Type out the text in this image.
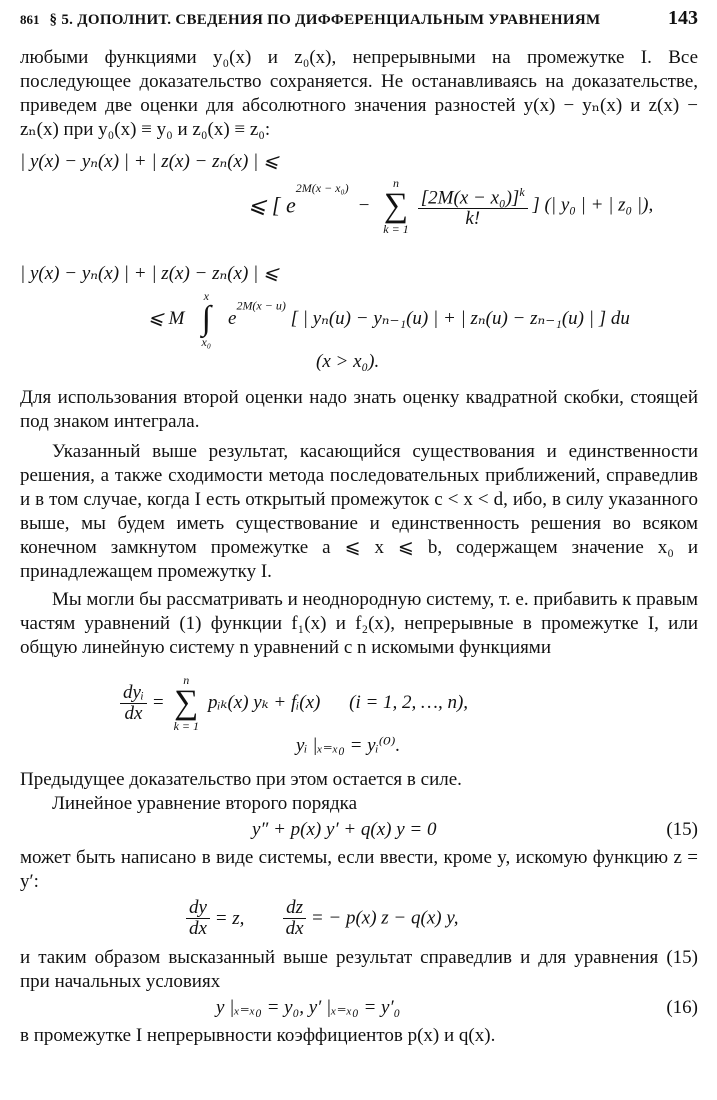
861 § 5. ДОПОЛНИТ. СВЕДЕНИЯ ПО ДИФФЕРЕНЦИАЛЬНЫМ УРАВНЕНИЯМ	143

любыми функциями y₀(x) и z₀(x), непрерывными на промежутке I. Все последующее доказательство сохраняется. Не останавливаясь на доказательстве, приведем две оценки для абсолютного значения разностей y(x) − yₙ(x) и z(x) − zₙ(x) при y₀(x) ≡ y₀ и z₀(x) ≡ z₀:

| y(x) − yₙ(x) | + | z(x) − zₙ(x) | ⩽
⩽ [ $e^{2M(x - x_0)}$ −
n
∑
k = 1
$\frac{[2M(x - x_0)]^k}{k!}$ ] (| y₀ | + | z₀ |),
| y(x) − yₙ(x) | + | z(x) − zₙ(x) | ⩽
⩽ M
x
∫
x₀
$e^{2M(x - u)}$ [ | yₙ(u) − yₙ₋₁(u) | + | zₙ(u) − zₙ₋₁(u) | ] du
(x > x₀).

Для использования второй оценки надо знать оценку квадратной скобки, стоящей под знаком интеграла.

Указанный выше результат, касающийся существования и единственности решения, а также сходимости метода последовательных приближений, справедлив и в том случае, когда I есть открытый промежуток c < x < d, ибо, в силу указанного выше, мы будем иметь существование и единственность решения во всяком конечном замкнутом промежутке a ⩽ x ⩽ b, содержащем значение x₀ и принадлежащем промежутку I.

Мы могли бы рассматривать и неоднородную систему, т. е. прибавить к правым частям уравнений (1) функции f₁(x) и f₂(x), непрерывные в промежутке I, или общую линейную систему n уравнений с n искомыми функциями

$\frac{\text{dyᵢ}}{dx}$ =
n
∑
k = 1
pᵢₖ(x) yₖ + fᵢ(x) (i = 1, 2, …, n),
yᵢ |ₓ₌ₓ₀ = yᵢ⁽⁰⁾.

Предыдущее доказательство при этом остается в силе.

Линейное уравнение второго порядка

y″ + p(x) y′ + q(x) y = 0	(15)

может быть написано в виде системы, если ввести, кроме y, искомую функцию z = y′:

$\frac{dy}{dx} = z$, $\frac{dz}{dx}$ = − p(x) z − q(x) y,

и таким образом высказанный выше результат справедлив и для уравнения (15) при начальных условиях

y |ₓ₌ₓ₀ = y₀, y′ |ₓ₌ₓ₀ = y′₀	(16)

в промежутке I непрерывности коэффициентов p(x) и q(x).
